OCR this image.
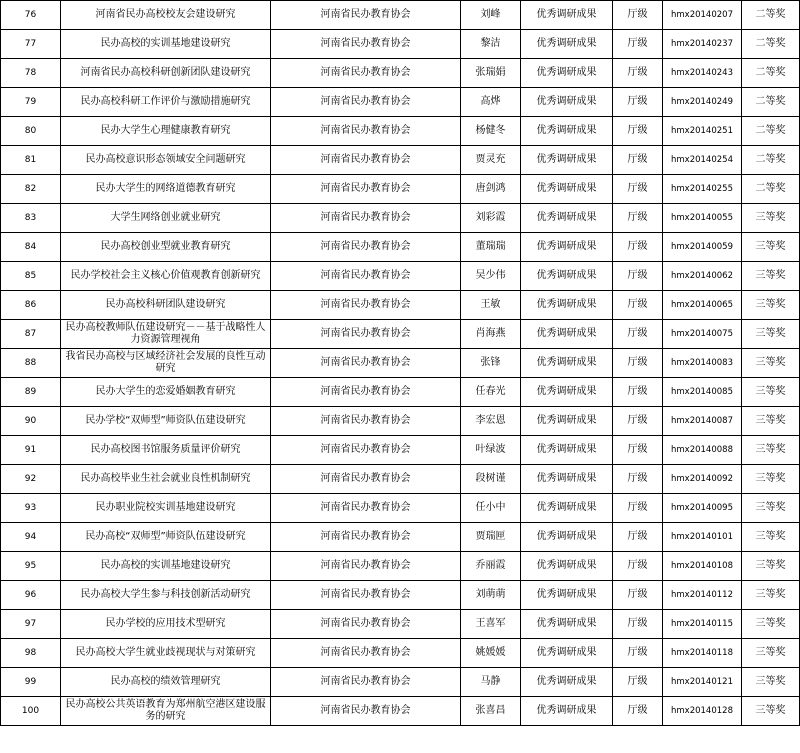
76	河南省民办高校校友会建设研究	河南省民办教育协会	刘峰	优秀调研成果	厅级	hmx20140207	二等奖
77	民办高校的实训基地建设研究	河南省民办教育协会	黎洁	优秀调研成果	厅级	hmx20140237	二等奖
78	河南省民办高校科研创新团队建设研究	河南省民办教育协会	张瑞娟	优秀调研成果	厅级	hmx20140243	二等奖
79	民办高校科研工作评价与激励措施研究	河南省民办教育协会	高烨	优秀调研成果	厅级	hmx20140249	二等奖
80	民办大学生心理健康教育研究	河南省民办教育协会	杨健冬	优秀调研成果	厅级	hmx20140251	二等奖
81	民办高校意识形态领域安全问题研究	河南省民办教育协会	贾灵充	优秀调研成果	厅级	hmx20140254	二等奖
82	民办大学生的网络道德教育研究	河南省民办教育协会	唐剑鸿	优秀调研成果	厅级	hmx20140255	二等奖
83	大学生网络创业就业研究	河南省民办教育协会	刘彩霞	优秀调研成果	厅级	hmx20140055	三等奖
84	民办高校创业型就业教育研究	河南省民办教育协会	董瑞瑞	优秀调研成果	厅级	hmx20140059	三等奖
85	民办学校社会主义核心价值观教育创新研究	河南省民办教育协会	吴少伟	优秀调研成果	厅级	hmx20140062	三等奖
86	民办高校科研团队建设研究	河南省民办教育协会	王敏	优秀调研成果	厅级	hmx20140065	三等奖
87	民办高校教师队伍建设研究－－基于战略性人力资源管理视角	河南省民办教育协会	肖海燕	优秀调研成果	厅级	hmx20140075	三等奖
88	我省民办高校与区域经济社会发展的良性互动研究	河南省民办教育协会	张锋	优秀调研成果	厅级	hmx20140083	三等奖
89	民办大学生的恋爱婚姻教育研究	河南省民办教育协会	任春光	优秀调研成果	厅级	hmx20140085	三等奖
90	民办学校“双师型”师资队伍建设研究	河南省民办教育协会	李宏恩	优秀调研成果	厅级	hmx20140087	三等奖
91	民办高校图书馆服务质量评价研究	河南省民办教育协会	叶绿波	优秀调研成果	厅级	hmx20140088	三等奖
92	民办高校毕业生社会就业良性机制研究	河南省民办教育协会	段树谨	优秀调研成果	厅级	hmx20140092	三等奖
93	民办职业院校实训基地建设研究	河南省民办教育协会	任小中	优秀调研成果	厅级	hmx20140095	三等奖
94	民办高校“双师型”师资队伍建设研究	河南省民办教育协会	贾瑞匣	优秀调研成果	厅级	hmx20140101	三等奖
95	民办高校的实训基地建设研究	河南省民办教育协会	乔丽霞	优秀调研成果	厅级	hmx20140108	三等奖
96	民办高校大学生参与科技创新活动研究	河南省民办教育协会	刘萌萌	优秀调研成果	厅级	hmx20140112	三等奖
97	民办学校的应用技术型研究	河南省民办教育协会	王喜军	优秀调研成果	厅级	hmx20140115	三等奖
98	民办高校大学生就业歧视现状与对策研究	河南省民办教育协会	姚媛媛	优秀调研成果	厅级	hmx20140118	三等奖
99	民办高校的绩效管理研究	河南省民办教育协会	马静	优秀调研成果	厅级	hmx20140121	三等奖
100	民办高校公共英语教育为郑州航空港区建设服务的研究	河南省民办教育协会	张喜昌	优秀调研成果	厅级	hmx20140128	三等奖
